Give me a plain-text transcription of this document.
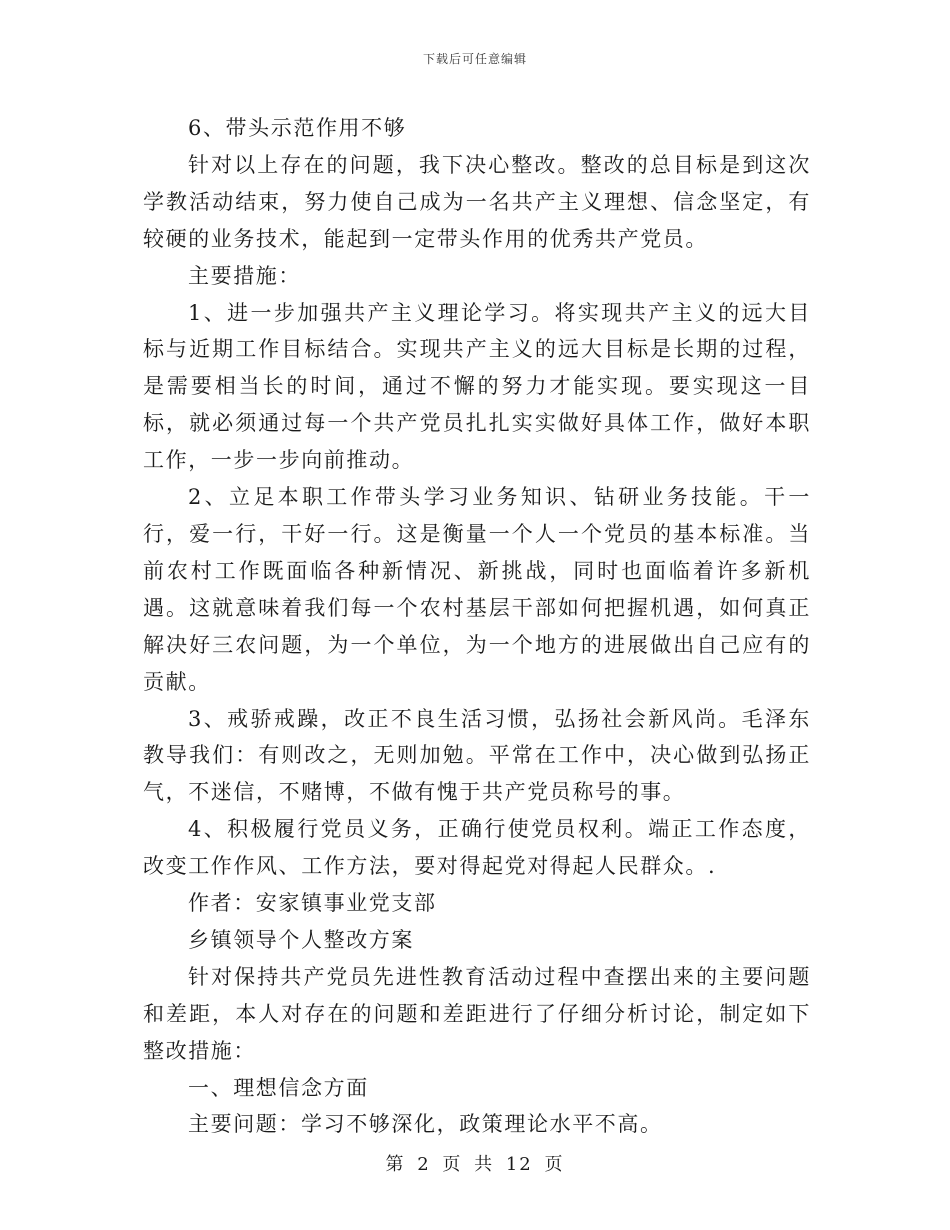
下载后可任意编辑

6、带头示范作用不够

针对以上存在的问题，我下决心整改。整改的总目标是到这次学教活动结束，努力使自己成为一名共产主义理想、信念坚定，有较硬的业务技术，能起到一定带头作用的优秀共产党员。

主要措施：

1、进一步加强共产主义理论学习。将实现共产主义的远大目标与近期工作目标结合。实现共产主义的远大目标是长期的过程，是需要相当长的时间，通过不懈的努力才能实现。要实现这一目标，就必须通过每一个共产党员扎扎实实做好具体工作，做好本职工作，一步一步向前推动。

2、立足本职工作带头学习业务知识、钻研业务技能。干一行，爱一行，干好一行。这是衡量一个人一个党员的基本标准。当前农村工作既面临各种新情况、新挑战，同时也面临着许多新机遇。这就意味着我们每一个农村基层干部如何把握机遇，如何真正解决好三农问题，为一个单位，为一个地方的进展做出自己应有的贡献。

3、戒骄戒躁，改正不良生活习惯，弘扬社会新风尚。毛泽东教导我们：有则改之，无则加勉。平常在工作中，决心做到弘扬正气，不迷信，不赌博，不做有愧于共产党员称号的事。

4、积极履行党员义务，正确行使党员权利。端正工作态度，改变工作作风、工作方法，要对得起党对得起人民群众。.

作者：安家镇事业党支部

乡镇领导个人整改方案

针对保持共产党员先进性教育活动过程中查摆出来的主要问题和差距，本人对存在的问题和差距进行了仔细分析讨论，制定如下整改措施：

一、理想信念方面

主要问题：学习不够深化，政策理论水平不高。

第 2 页 共 12 页
